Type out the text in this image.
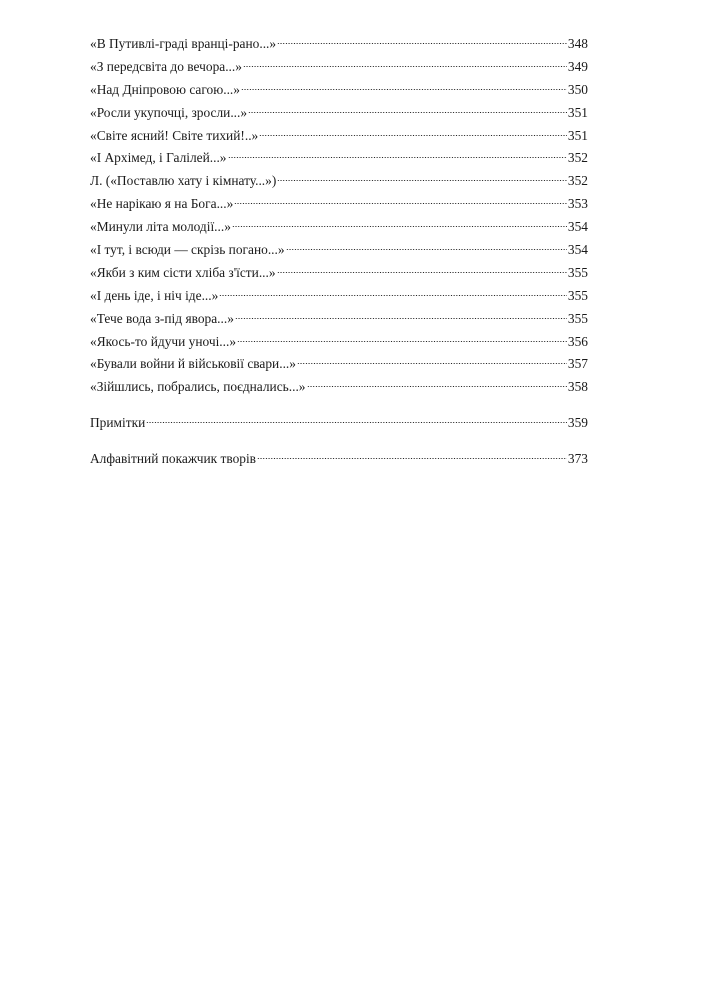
«В Путивлі-граді вранці-рано...»	348
«З передсвіта до вечора...»	349
«Над Дніпровою сагою...»	350
«Росли укупочці, зросли...»	351
«Світе ясний! Світе тихий!..»	351
«І Архімед, і Галілей...»	352
Л. («Поставлю хату і кімнату...»)	352
«Не нарікаю я на Бога...»	353
«Минули літа молодії...»	354
«І тут, і всюди — скрізь погано...»	354
«Якби з ким сісти хліба з'їсти...»	355
«І день іде, і ніч іде...»	355
«Тече вода з-під явора...»	355
«Якось-то йдучи уночі...»	356
«Бували войни й військовії свари...»	357
«Зійшлись, побрались, поєднались...»	358
Примітки	359
Алфавітний покажчик творів	373
